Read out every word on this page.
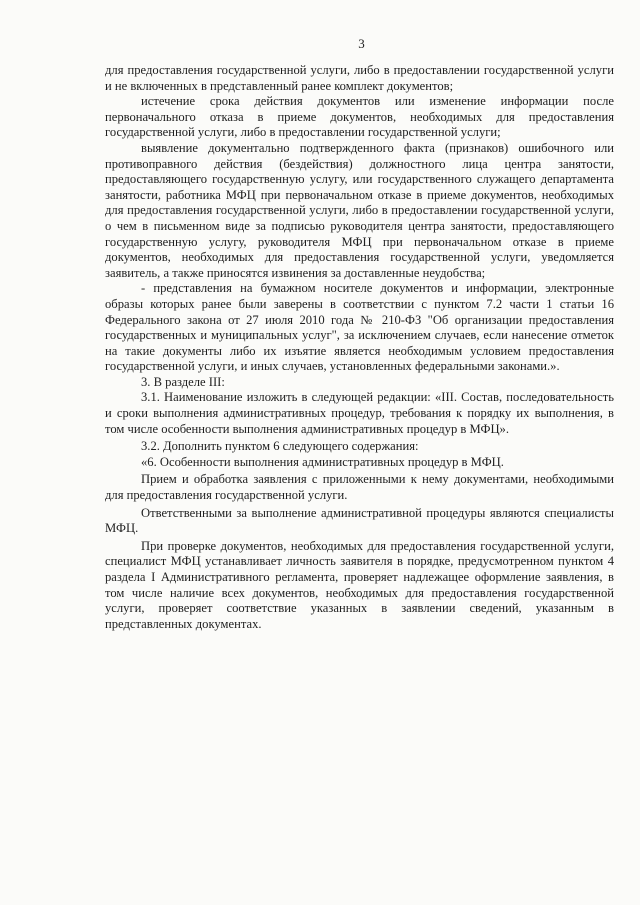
3

для предоставления государственной услуги, либо в предоставлении государственной услуги и не включенных в представленный ранее комплект документов;

истечение срока действия документов или изменение информации после первоначального отказа в приеме документов, необходимых для предоставления государственной услуги, либо в предоставлении государственной услуги;

выявление документально подтвержденного факта (признаков) ошибочного или противоправного действия (бездействия) должностного лица центра занятости, предоставляющего государственную услугу, или государственного служащего департамента занятости, работника МФЦ при первоначальном отказе в приеме документов, необходимых для предоставления государственной услуги, либо в предоставлении государственной услуги, о чем в письменном виде за подписью руководителя центра занятости, предоставляющего государственную услугу, руководителя МФЦ при первоначальном отказе в приеме документов, необходимых для предоставления государственной услуги, уведомляется заявитель, а также приносятся извинения за доставленные неудобства;

- представления на бумажном носителе документов и информации, электронные образы которых ранее были заверены в соответствии с пунктом 7.2 части 1 статьи 16 Федерального закона от 27 июля 2010 года № 210-ФЗ "Об организации предоставления государственных и муниципальных услуг", за исключением случаев, если нанесение отметок на такие документы либо их изъятие является необходимым условием предоставления государственной услуги, и иных случаев, установленных федеральными законами.».

3. В разделе III:

3.1. Наименование изложить в следующей редакции: «III. Состав, последовательность и сроки выполнения административных процедур, требования к порядку их выполнения, в том числе особенности выполнения административных процедур в МФЦ».

3.2. Дополнить пунктом 6 следующего содержания:

«6. Особенности выполнения административных процедур в МФЦ.

Прием и обработка заявления с приложенными к нему документами, необходимыми для предоставления государственной услуги.

Ответственными за выполнение административной процедуры являются специалисты МФЦ.

При проверке документов, необходимых для предоставления государственной услуги, специалист МФЦ устанавливает личность заявителя в порядке, предусмотренном пунктом 4 раздела I Административного регламента, проверяет надлежащее оформление заявления, в том числе наличие всех документов, необходимых для предоставления государственной услуги, проверяет соответствие указанных в заявлении сведений, указанным в представленных документах.
